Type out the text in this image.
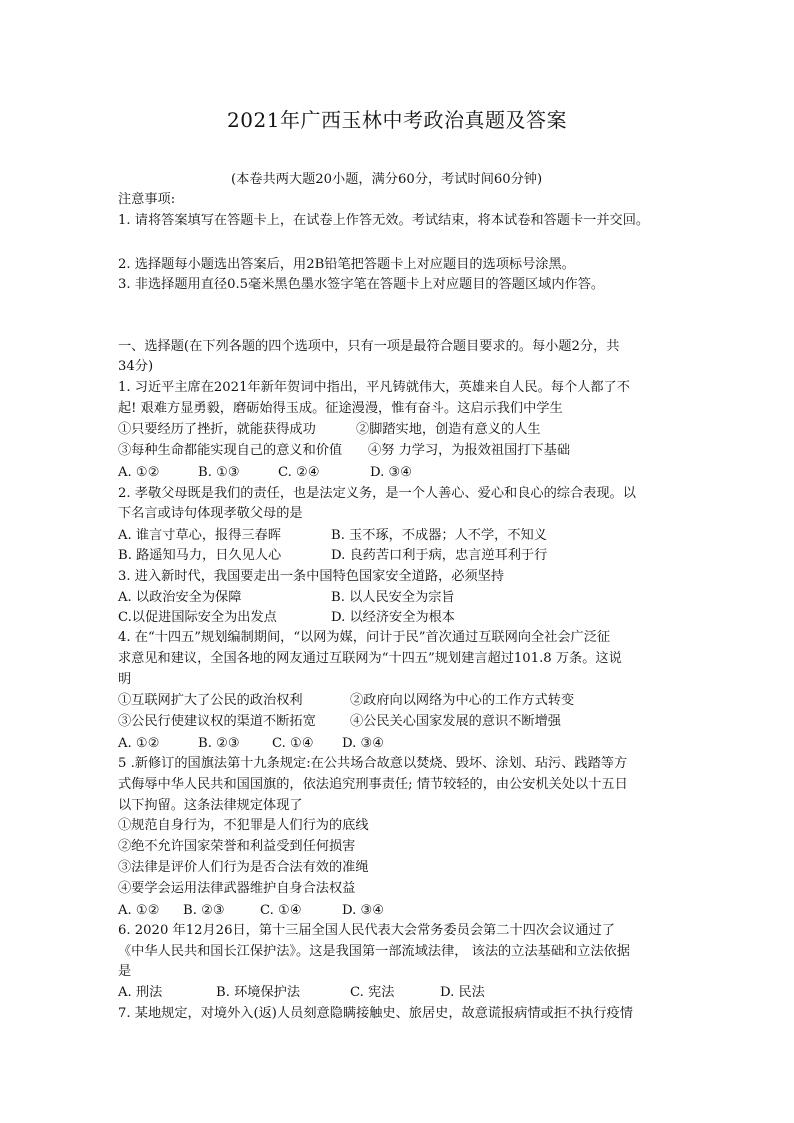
2021年广西玉林中考政治真题及答案
(本卷共两大题20小题，满分60分，考试时间60分钟)
注意事项:
1. 请将答案填写在答题卡上，在试卷上作答无效。考试结束，将本试卷和答题卡一并交回。
2. 选择题每小题选出答案后，用2B铅笔把答题卡上对应题目的选项标号涂黑。
3. 非选择题用直径0.5毫米黑色墨水签字笔在答题卡上对应题目的答题区域内作答。
一、选择题(在下列各题的四个选项中，只有一项是最符合题目要求的。每小题2分，共
34分)
1. 习近平主席在2021年新年贺词中指出，平凡铸就伟大，英雄来自人民。每个人都了不
起! 艰难方显勇毅，磨砺始得玉成。征途漫漫，惟有奋斗。这启示我们中学生
①只要经历了挫折，就能获得成功	②脚踏实地，创造有意义的人生
③每种生命都能实现自己的意义和价值 ④努 力学习，为报效祖国打下基础
A. ①②	B. ①③	C. ②④	D. ③④
2. 孝敬父母既是我们的责任，也是法定义务，是一个人善心、爱心和良心的综合表现。以
下名言或诗句体现孝敬父母的是
A. 谁言寸草心，报得三春晖	B. 玉不琢，不成器；人不学，不知义
B. 路遥知马力，日久见人心	D. 良药苦口利于病，忠言逆耳利于行
3. 进入新时代，我国要走出一条中国特色国家安全道路，必须坚持
A. 以政治安全为保障	B. 以人民安全为宗旨
C.以促进国际安全为出发点	D. 以经济安全为根本
4. 在“十四五”规划编制期间，“以网为媒，问计于民”首次通过互联网向全社会广泛征
求意见和建议，全国各地的网友通过互联网为“十四五”规划建言超过101.8 万条。这说
明
①互联网扩大了公民的政治权利	②政府向以网络为中心的工作方式转变
③公民行使建议权的渠道不断拓宽	④公民关心国家发展的意识不断增强
A. ①②	B. ②③ C. ①④ D. ③④
5 .新修订的国旗法第十九条规定:在公共场合故意以焚烧、毁坏、涂划、玷污、践踏等方
式侮辱中华人民共和国国旗的，依法追究刑事责任; 情节较轻的，由公安机关处以十五日
以下拘留。这条法律规定体现了
①规范自身行为，不犯罪是人们行为的底线
②绝不允许国家荣誉和利益受到任何损害
③法律是评价人们行为是否合法有效的准绳
④要学会运用法律武器维护自身合法权益
A. ①② B. ②③	C. ①④	D. ③④
6. 2020 年12月26日，第十三届全国人民代表大会常务委员会第二十四次会议通过了
《中华人民共和国长江保护法》。这是我国第一部流域法律， 该法的立法基础和立法依据
是
A. 刑法	B. 环境保护法	C. 宪法	D. 民法
7. 某地规定，对境外入(返)人员刻意隐瞒接触史、旅居史，故意谎报病情或拒不执行疫情
